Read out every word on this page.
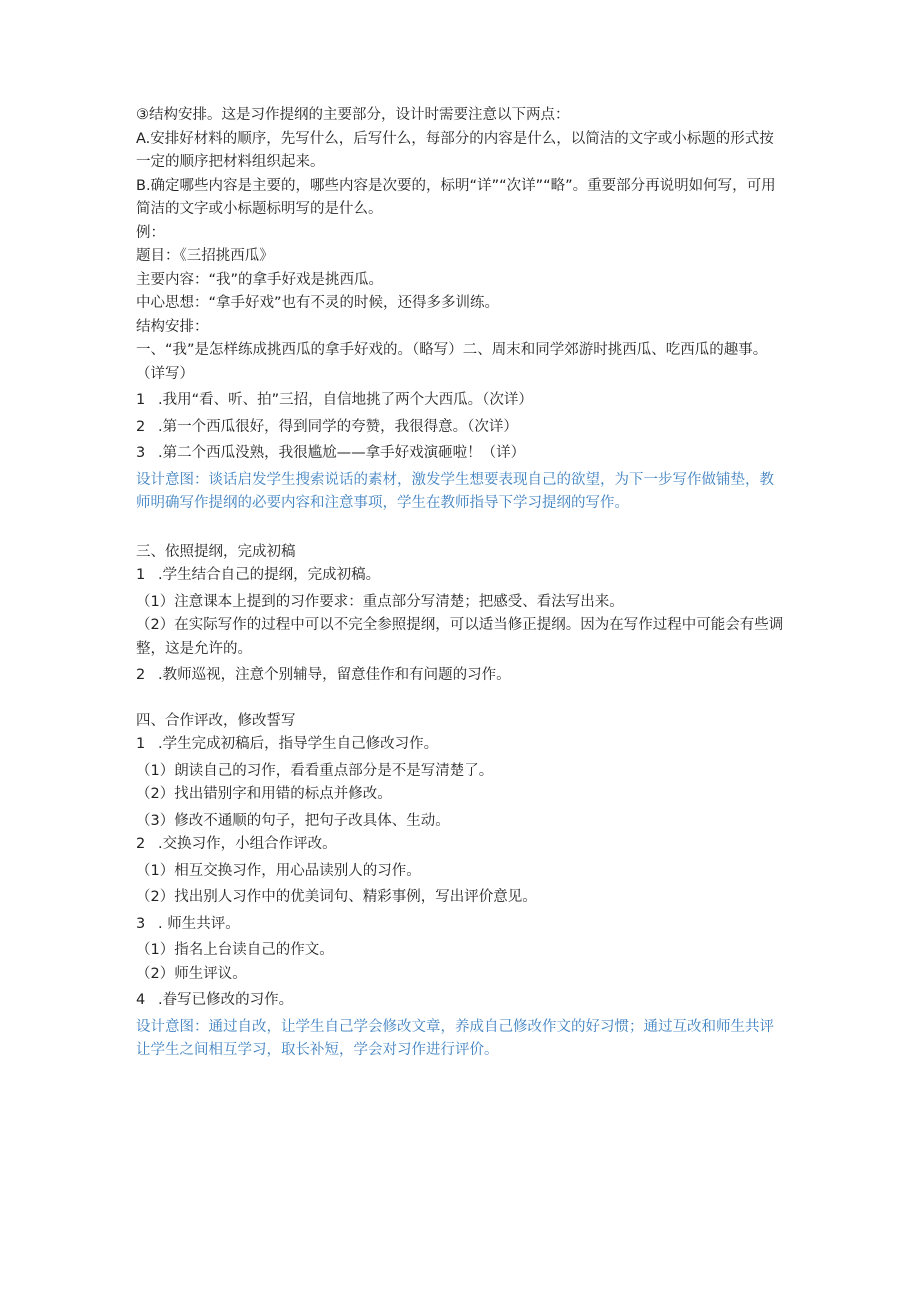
③结构安排。这是习作提纲的主要部分，设计时需要注意以下两点：
A.安排好材料的顺序，先写什么，后写什么，每部分的内容是什么，以简洁的文字或小标题的形式按一定的顺序把材料组织起来。
B.确定哪些内容是主要的，哪些内容是次要的，标明“详”“次详”“略”。重要部分再说明如何写，可用简洁的文字或小标题标明写的是什么。
例：
题目：《三招挑西瓜》
主要内容：“我”的拿手好戏是挑西瓜。
中心思想：“拿手好戏”也有不灵的时候，还得多多训练。
结构安排：
一、“我”是怎样练成挑西瓜的拿手好戏的。（略写）二、周末和同学郊游时挑西瓜、吃西瓜的趣事。（详写）
1 .我用“看、听、拍”三招，自信地挑了两个大西瓜。（次详）
2 .第一个西瓜很好，得到同学的夸赞，我很得意。（次详）
3 .第二个西瓜没熟，我很尴尬——拿手好戏演砸啦！（详）
设计意图：谈话启发学生搜索说话的素材，激发学生想要表现自己的欲望，为下一步写作做铺垫，教师明确写作提纲的必要内容和注意事项，学生在教师指导下学习提纲的写作。
三、依照提纲，完成初稿
1 .学生结合自己的提纲，完成初稿。
（1）注意课本上提到的习作要求：重点部分写清楚；把感受、看法写出来。
（2）在实际写作的过程中可以不完全参照提纲，可以适当修正提纲。因为在写作过程中可能会有些调整，这是允许的。
2 .教师巡视，注意个别辅导，留意佳作和有问题的习作。
四、合作评改，修改誓写
1 .学生完成初稿后，指导学生自己修改习作。
（1）朗读自己的习作，看看重点部分是不是写清楚了。
（2）找出错别字和用错的标点并修改。
（3）修改不通顺的句子，把句子改具体、生动。
2 .交换习作，小组合作评改。
（1）相互交换习作，用心品读别人的习作。
（2）找出别人习作中的优美词句、精彩事例，写出评价意见。
3 . 师生共评。
（1）指名上台读自己的作文。
（2）师生评议。
4 .眷写已修改的习作。
设计意图：通过自改，让学生自己学会修改文章，养成自己修改作文的好习惯；通过互改和师生共评让学生之间相互学习，取长补短，学会对习作进行评价。
